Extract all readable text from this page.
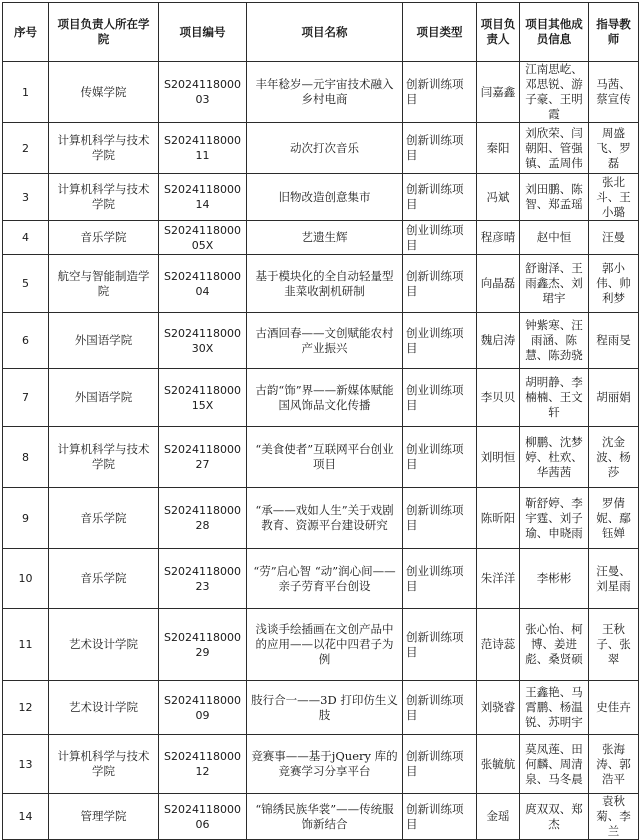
序号	项目负责人所在学院	项目编号	项目名称	项目类型	项目负责人	项目其他成员信息	指导教师
1	传媒学院	S202411800003	丰年稔岁—元宇宙技术融入乡村电商	创新训练项目	闫嘉鑫	江南思屹、邓思锐、游子豪、王明霞	马茜、蔡宣传
2	计算机科学与技术学院	S202411800011	动次打次音乐	创新训练项目	秦阳	刘欣荣、闫朝阳、管强镇、孟周伟	周盛飞、罗磊
3	计算机科学与技术学院	S202411800014	旧物改造创意集市	创新训练项目	冯斌	刘田鹏、陈智、郑孟瑶	张北斗、王小璐
4	音乐学院	S202411800005X	艺遗生辉	创业训练项目	程彦晴	赵中恒	汪曼
5	航空与智能制造学院	S202411800004	基于模块化的全自动轻量型韭菜收割机研制	创新训练项目	向晶磊	舒谢泽、王雨鑫杰、刘珺宇	郭小伟、帅利梦
6	外国语学院	S202411800030X	古酒回春——文创赋能农村产业振兴	创业训练项目	魏启涛	钟紫寒、汪雨涵、陈慧、陈劲骁	程雨旻
7	外国语学院	S202411800015X	古韵“饰”界——新媒体赋能国风饰品文化传播	创业训练项目	李贝贝	胡明静、李楠楠、王文轩	胡丽娟
8	计算机科学与技术学院	S202411800027	“美食使者”互联网平台创业项目	创业训练项目	刘明恒	柳鹏、沈梦婷、杜欢、华茜茜	沈金波、杨莎
9	音乐学院	S202411800028	“承——戏如人生”关于戏剧教育、资源平台建设研究	创新训练项目	陈昕阳	靳舒婷、李宇霆、刘子瑜、申晓雨	罗倩妮、鄢钰婵
10	音乐学院	S202411800023	“劳”启心智 “动”润心间——亲子劳育平台创设	创业训练项目	朱洋洋	李彬彬	汪曼、刘星雨
11	艺术设计学院	S202411800029	浅谈手绘插画在文创产品中的应用——以花中四君子为例	创新训练项目	范诗蕊	张心怡、柯博、姜进彪、桑贤硕	王秋子、张翠
12	艺术设计学院	S202411800009	肢行合一——3D 打印仿生义肢	创新训练项目	刘骁睿	王鑫艳、马霄鹏、杨温锐、苏明宇	史佳卉
13	计算机科学与技术学院	S202411800012	竞赛事——基于jQuery 库的竞赛学习分享平台	创新训练项目	张毓航	莫凤莲、田何麟、周清泉、马冬晨	张海涛、郭浩平
14	管理学院	S202411800006	“锦绣民族华裳”——传统服饰新结合	创新训练项目	金瑶	庹双双、郑杰	袁秋菊、李兰
